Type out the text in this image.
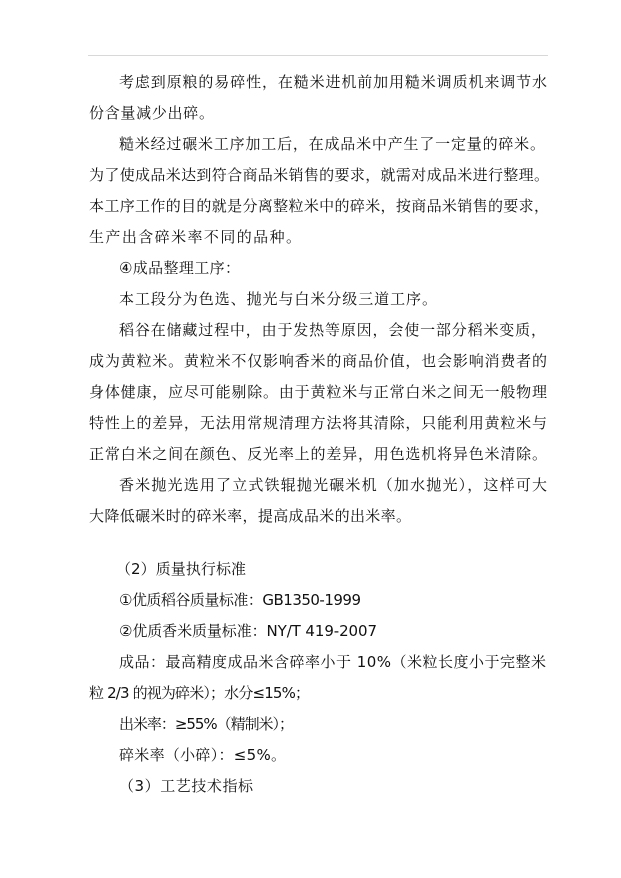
考虑到原粮的易碎性，在糙米进机前加用糙米调质机来调节水
份含量减少出碎。
糙米经过碾米工序加工后，在成品米中产生了一定量的碎米。
为了使成品米达到符合商品米销售的要求，就需对成品米进行整理。
本工序工作的目的就是分离整粒米中的碎米，按商品米销售的要求，
生产出含碎米率不同的品种。
④成品整理工序：
本工段分为色选、抛光与白米分级三道工序。
稻谷在储藏过程中，由于发热等原因，会使一部分稻米变质，
成为黄粒米。黄粒米不仅影响香米的商品价值，也会影响消费者的
身体健康，应尽可能剔除。由于黄粒米与正常白米之间无一般物理
特性上的差异，无法用常规清理方法将其清除，只能利用黄粒米与
正常白米之间在颜色、反光率上的差异，用色选机将异色米清除。
香米抛光选用了立式铁辊抛光碾米机（加水抛光），这样可大
大降低碾米时的碎米率，提高成品米的出米率。
（2）质量执行标准
①优质稻谷质量标准：GB1350-1999
②优质香米质量标准：NY/T 419-2007
成品：最高精度成品米含碎率小于 10%（米粒长度小于完整米
粒 2/3 的视为碎米）；水分≤15%；
出米率：≥55%（精制米）；
碎米率（小碎）：≤5%。
（3）工艺技术指标
